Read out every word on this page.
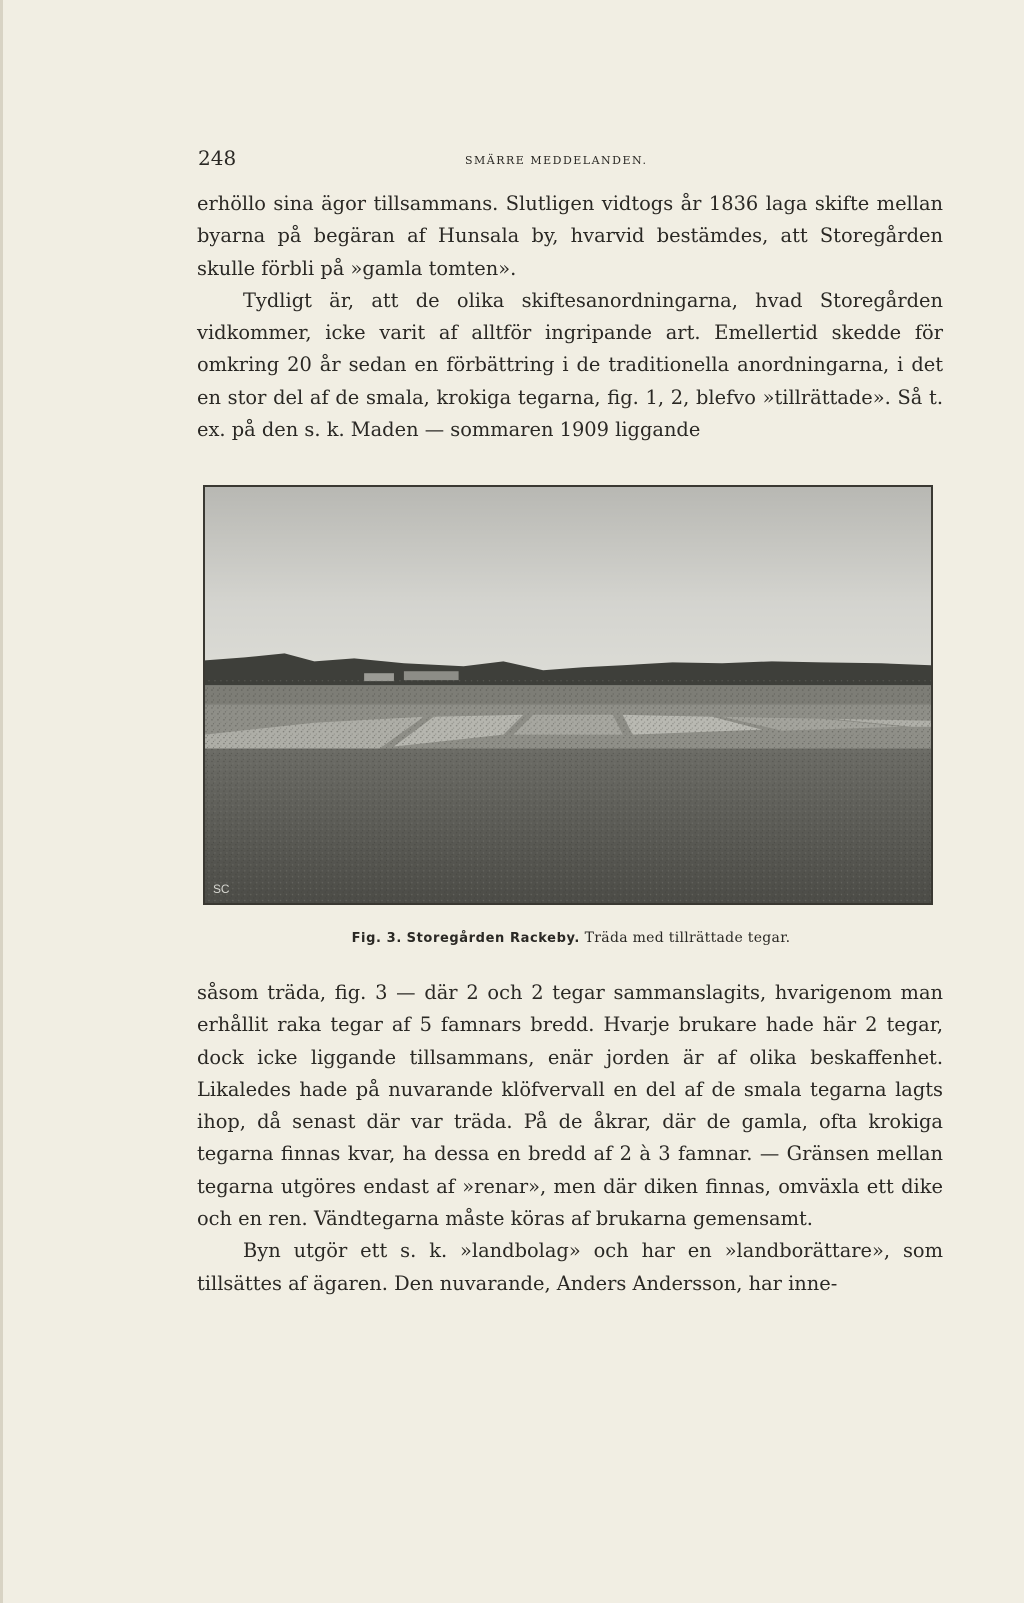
248	SMÄRRE MEDDELANDEN.

erhöllo sina ägor tillsammans. Slutligen vidtogs år 1836 laga skifte mellan byarna på begäran af Hunsala by, hvarvid bestämdes, att Storegården skulle förbli på »gamla tomten».

Tydligt är, att de olika skiftesanordningarna, hvad Storegården vidkommer, icke varit af alltför ingripande art. Emellertid skedde för omkring 20 år sedan en förbättring i de traditionella anordningarna, i det en stor del af de smala, krokiga tegarna, fig. 1, 2, blefvo »tillrättade». Så t. ex. på den s. k. Maden — sommaren 1909 liggande

SC
Fig. 3. Storegården Rackeby. Träda med tillrättade tegar.

såsom träda, fig. 3 — där 2 och 2 tegar sammanslagits, hvarigenom man erhållit raka tegar af 5 famnars bredd. Hvarje brukare hade här 2 tegar, dock icke liggande tillsammans, enär jorden är af olika beskaffenhet. Likaledes hade på nuvarande klöfvervall en del af de smala tegarna lagts ihop, då senast där var träda. På de åkrar, där de gamla, ofta krokiga tegarna finnas kvar, ha dessa en bredd af 2 à 3 famnar. — Gränsen mellan tegarna utgöres endast af »renar», men där diken finnas, omväxla ett dike och en ren. Vändtegarna måste köras af brukarna gemensamt.

Byn utgör ett s. k. »landbolag» och har en »landborättare», som tillsättes af ägaren. Den nuvarande, Anders Andersson, har inne-
